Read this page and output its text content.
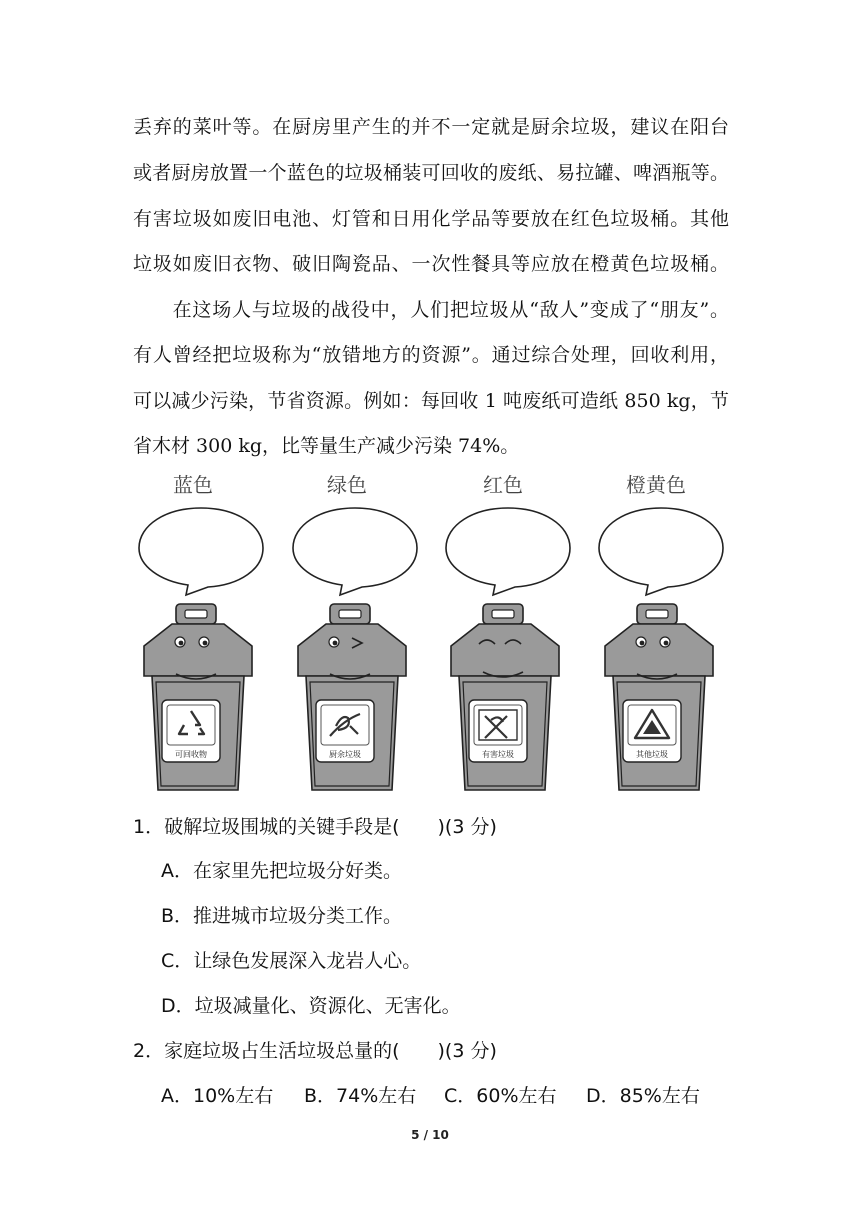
丢弃的菜叶等。在厨房里产生的并不一定就是厨余垃圾，建议在阳台
或者厨房放置一个蓝色的垃圾桶装可回收的废纸、易拉罐、啤酒瓶等。
有害垃圾如废旧电池、灯管和日用化学品等要放在红色垃圾桶。其他
垃圾如废旧衣物、破旧陶瓷品、一次性餐具等应放在橙黄色垃圾桶。
　　在这场人与垃圾的战役中，人们把垃圾从“敌人”变成了“朋友”。
有人曾经把垃圾称为“放错地方的资源”。通过综合处理，回收利用，
可以减少污染，节省资源。例如：每回收 1 吨废纸可造纸 850 kg，节
省木材 300 kg，比等量生产减少污染 74%。
蓝色	绿色	红色	橙黄色
可回收物	厨余垃圾	有害垃圾	其他垃圾
1．破解垃圾围城的关键手段是(　　)(3 分)
A．在家里先把垃圾分好类。
B．推进城市垃圾分类工作。
C．让绿色发展深入龙岩人心。
D．垃圾减量化、资源化、无害化。
2．家庭垃圾占生活垃圾总量的(　　)(3 分)
A．10%左右 B．74%左右 C．60%左右 D．85%左右
5 / 10
